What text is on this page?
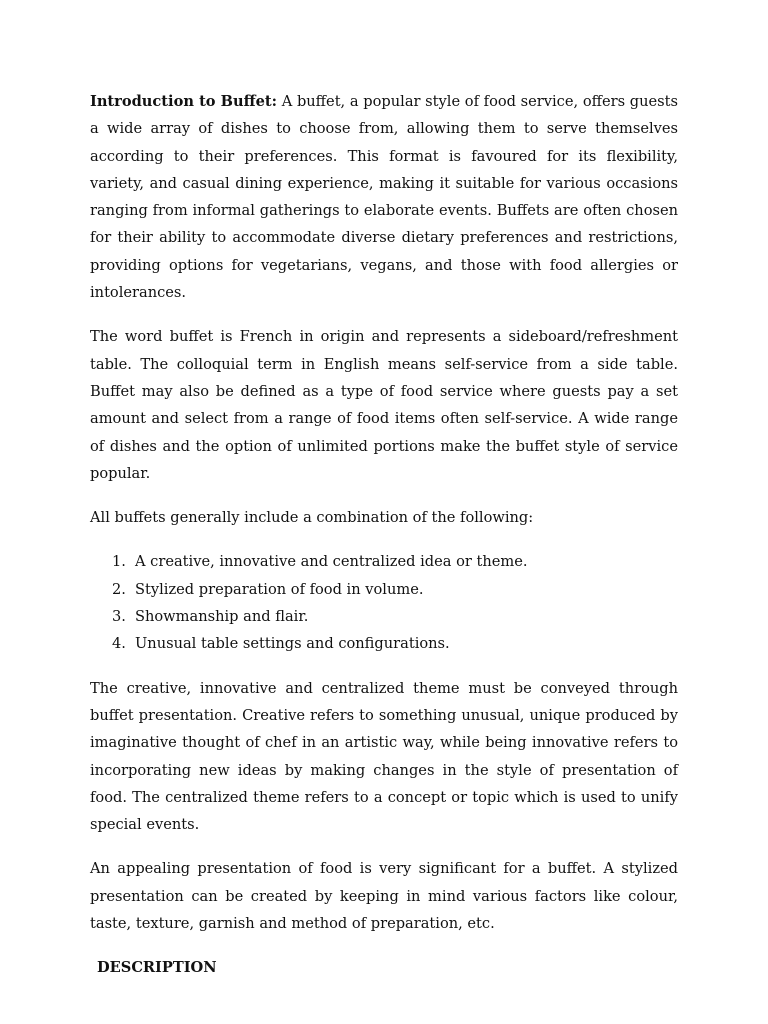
Introduction to Buffet: A buffet, a popular style of food service, offers guests a wide array of dishes to choose from, allowing them to serve themselves according to their preferences. This format is favoured for its flexibility, variety, and casual dining experience, making it suitable for various occasions ranging from informal gatherings to elaborate events. Buffets are often chosen for their ability to accommodate diverse dietary preferences and restrictions, providing options for vegetarians, vegans, and those with food allergies or intolerances.

The word buffet is French in origin and represents a sideboard/refreshment table. The colloquial term in English means self-service from a side table. Buffet may also be defined as a type of food service where guests pay a set amount and select from a range of food items often self-service. A wide range of dishes and the option of unlimited portions make the buffet style of service popular.

All buffets generally include a combination of the following:

1. A creative, innovative and centralized idea or theme.
2. Stylized preparation of food in volume.
3. Showmanship and flair.
4. Unusual table settings and configurations.

The creative, innovative and centralized theme must be conveyed through buffet presentation. Creative refers to something unusual, unique produced by imaginative thought of chef in an artistic way, while being innovative refers to incorporating new ideas by making changes in the style of presentation of food. The centralized theme refers to a concept or topic which is used to unify special events.

An appealing presentation of food is very significant for a buffet. A stylized presentation can be created by keeping in mind various factors like colour, taste, texture, garnish and method of preparation, etc.

DESCRIPTION
